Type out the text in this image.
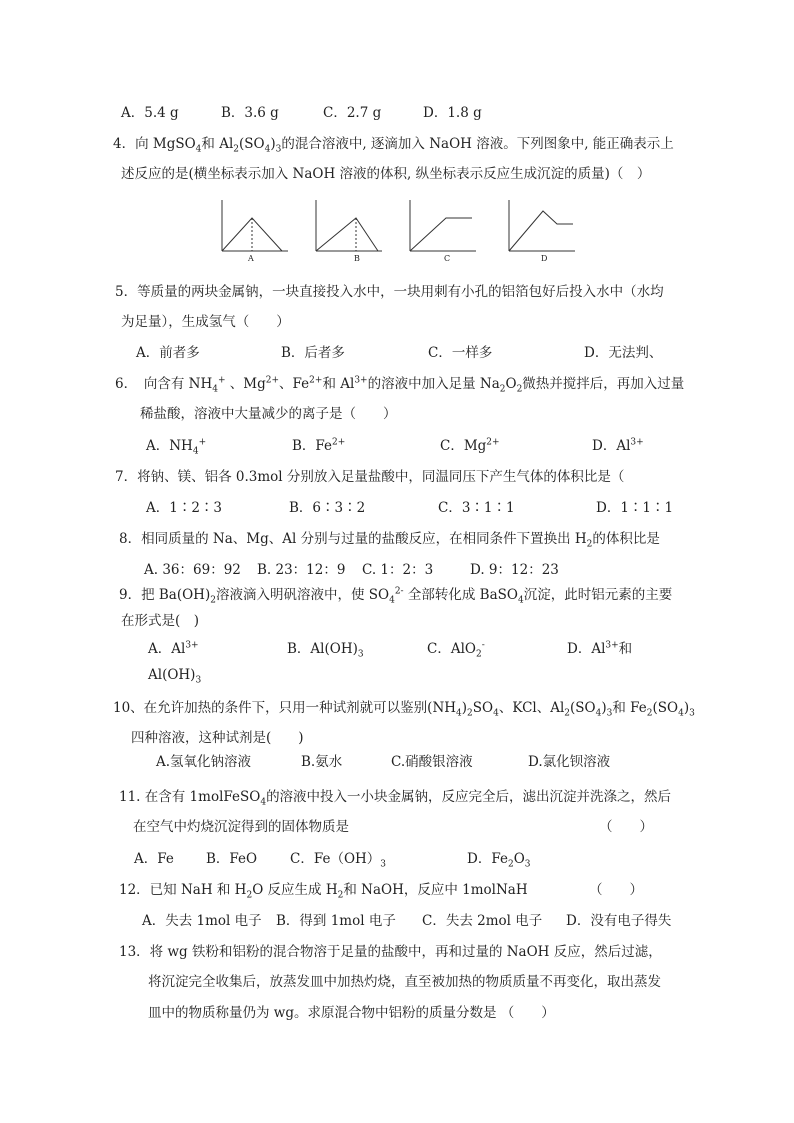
A．5.4 g	B．3.6 g	C．2.7 g	D．1.8 g
4．向 MgSO$_4$和 $Al_2(SO_4)_3$的混合溶液中, 逐滴加入 NaOH 溶液。下列图象中, 能正确表示上
述反应的是(横坐标表示加入 NaOH 溶液的体积, 纵坐标表示反应生成沉淀的质量)（　）
A	B	C	D
5．等质量的两块金属钠，一块直接投入水中，一块用刺有小孔的铝箔包好后投入水中（水均
为足量），生成氢气（　　）
A．前者多	B．后者多	C．一样多	D．无法判、
6．　向含有 $NH_4^+$ 、$Mg^{2+}$、$Fe^{2+}$和 $Al^{3+}$的溶液中加入足量 $Na_2O_2$微热并搅拌后，再加入过量
稀盐酸，溶液中大量减少的离子是（　　）
A．$NH_4^+$	B．$Fe^{2+}$	C．$Mg^{2+}$	D．$Al^{3+}$
7．将钠、镁、铝各 0.3mol 分别放入足量盐酸中，同温同压下产生气体的体积比是（
A．1∶2∶3	B．6∶3∶2	C．3∶1∶1	D．1∶1∶1
8．相同质量的 Na、Mg、Al 分别与过量的盐酸反应，在相同条件下置换出 $H_2$的体积比是
A. 36：69：92 B. 23：12：9 C. 1：2：3	D. 9：12：23
9．把 $Ba(OH)_2$溶液滴入明矾溶液中，使 $SO_4^{2-}$ 全部转化成 BaSO$_4$沉淀，此时铝元素的主要
在形式是(　)
A．$Al^{3+}$	B．$Al(OH)_3$	C．AlO$_2$-	D．$Al^{3+}$和
$Al(OH)_3$
10、在允许加热的条件下，只用一种试剂就可以鉴别$(NH_4)_2SO_4$、KCl、$Al_2(SO_4)_3$和 $Fe_2(SO_4)_3$
四种溶液，这种试剂是(　　)
A.氢氧化钠溶液	B.氨水	C.硝酸银溶液	D.氯化钡溶液
11. 在含有 1molFeSO$_4$的溶液中投入一小块金属钠，反应完全后，滤出沉淀并洗涤之，然后
在空气中灼烧沉淀得到的固体物质是	（　　）
A．Fe B．FeO C．$Fe(OH)_3$	D．$Fe_2O_3$
12．已知 NaH 和 $H_2O$ 反应生成 $H_2$和 NaOH，反应中 1molNaH	（　　）
A．失去 1mol 电子 B．得到 1mol 电子 C．失去 2mol 电子 D．没有电子得失
13．将 wg 铁粉和铝粉的混合物溶于足量的盐酸中，再和过量的 NaOH 反应，然后过滤，
将沉淀完全收集后，放蒸发皿中加热灼烧，直至被加热的物质质量不再变化，取出蒸发
皿中的物质称量仍为 wg。求原混合物中铝粉的质量分数是 （　　）
